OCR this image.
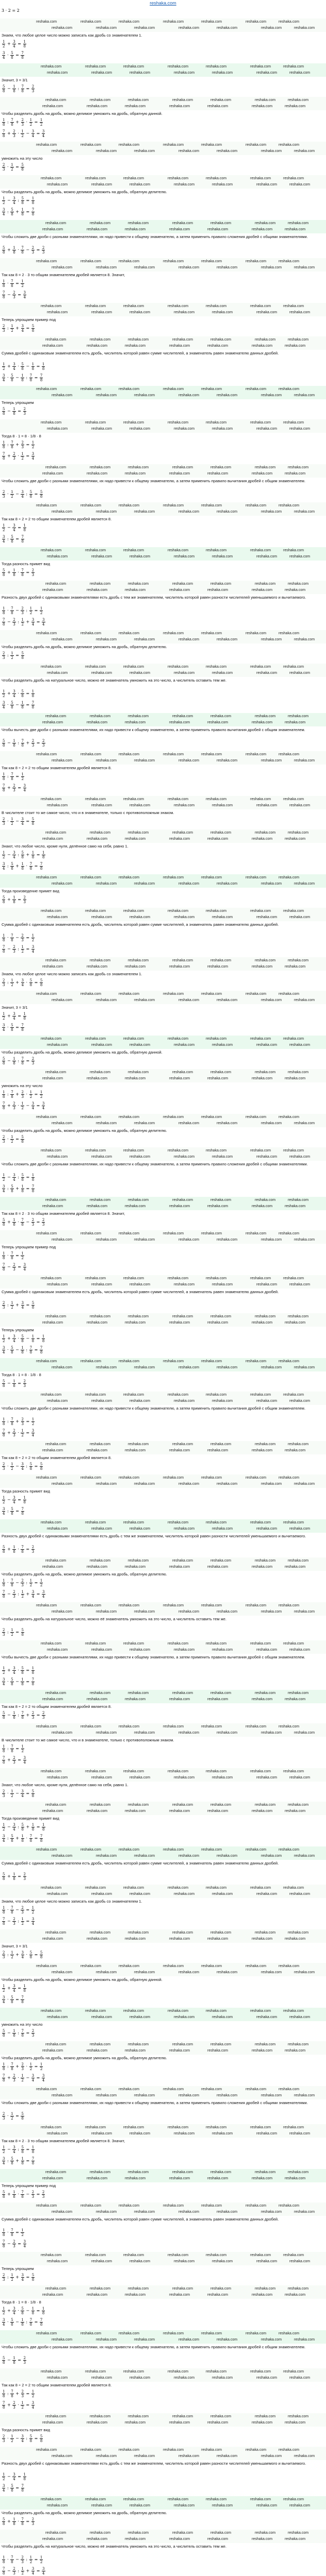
reshaka.com
3 · 2 = 2
reshaka.com	reshaka.com	reshaka.com	reshaka.com	reshaka.com	reshaka.com	reshaka.com
reshaka.com	reshaka.com	reshaka.com	reshaka.com	reshaka.com	reshaka.com	reshaka.com
Знаем, что любое целое число можно записать как дробь со знаменателем 1.
$\frac{1}{2} + \frac{3}{4} = \frac{1}{8}$
$\frac{3}{4} \cdot \frac{5}{8} = \frac{7}{8}$
reshaka.com	reshaka.com	reshaka.com	reshaka.com	reshaka.com	reshaka.com	reshaka.com
reshaka.com	reshaka.com	reshaka.com	reshaka.com	reshaka.com	reshaka.com	reshaka.com
Значит, 3 = 3/1
$\frac{5}{8} - \frac{1}{8}$ : $\frac{7}{8} = \frac{2}{3}$
reshaka.com	reshaka.com	reshaka.com	reshaka.com	reshaka.com	reshaka.com	reshaka.com
reshaka.com	reshaka.com	reshaka.com	reshaka.com	reshaka.com	reshaka.com	reshaka.com
Чтобы разделить дробь на дробь, можно делимое умножить на дробь, обратную данной.
$\frac{1}{8}$ : $\frac{7}{8} + \frac{2}{3} \cdot \frac{1}{2} = \frac{1}{2}$
$\frac{7}{8} + \frac{2}{3} \cdot \frac{1}{2} - \frac{3}{4} = \frac{3}{4}$
reshaka.com	reshaka.com	reshaka.com	reshaka.com	reshaka.com	reshaka.com	reshaka.com
reshaka.com	reshaka.com	reshaka.com	reshaka.com	reshaka.com	reshaka.com	reshaka.com
умножить на эту число
$\frac{2}{3} \cdot \frac{1}{2} = \frac{5}{8}$
reshaka.com	reshaka.com	reshaka.com	reshaka.com	reshaka.com	reshaka.com	reshaka.com
reshaka.com	reshaka.com	reshaka.com	reshaka.com	reshaka.com	reshaka.com	reshaka.com
Чтобы разделить дробь на дробь, можно делимое умножить на дробь, обратную делителю.
$\frac{1}{2} - \frac{3}{4}$ : $\frac{5}{8} = \frac{1}{8}$
$\frac{3}{4}$ : $\frac{5}{8} + \frac{1}{8} = \frac{7}{8}$
reshaka.com	reshaka.com	reshaka.com	reshaka.com	reshaka.com	reshaka.com	reshaka.com
reshaka.com	reshaka.com	reshaka.com	reshaka.com	reshaka.com	reshaka.com	reshaka.com
Чтобы сложить две дроби с разными знаменателями, их надо привести к общему знаменателю, а затем применить правило сложения дробей с общими знаменателями.
$\frac{5}{8} + \frac{1}{8} \cdot \frac{7}{8} - \frac{2}{3} = \frac{2}{3}$
reshaka.com	reshaka.com	reshaka.com	reshaka.com	reshaka.com	reshaka.com	reshaka.com
reshaka.com	reshaka.com	reshaka.com	reshaka.com	reshaka.com	reshaka.com	reshaka.com
Так как 8 = 2 · 3 то общим знаменателем дробей является 8. Значит,
$\frac{1}{8} \cdot \frac{7}{8} = \frac{1}{2}$
$\frac{7}{8} - \frac{2}{3} = \frac{3}{4}$
reshaka.com	reshaka.com	reshaka.com	reshaka.com	reshaka.com	reshaka.com	reshaka.com
reshaka.com	reshaka.com	reshaka.com	reshaka.com	reshaka.com	reshaka.com	reshaka.com
Теперь упрощаем пример под
$\frac{2}{3}$ : $\frac{1}{2} + \frac{3}{4} = \frac{5}{8}$
reshaka.com	reshaka.com	reshaka.com	reshaka.com	reshaka.com	reshaka.com	reshaka.com
reshaka.com	reshaka.com	reshaka.com	reshaka.com	reshaka.com	reshaka.com	reshaka.com
Сумма дробей с одинаковым знаменателем есть дробь, числитель которой равен сумме числителей, а знаменатель равен знаменателю данных дробей.
$\frac{1}{2} + \frac{3}{4} \cdot \frac{5}{8} - \frac{1}{8} = \frac{1}{8}$
$\frac{3}{4} \cdot \frac{5}{8} - \frac{1}{8}$ : $\frac{7}{8} = \frac{7}{8}$
reshaka.com	reshaka.com	reshaka.com	reshaka.com	reshaka.com	reshaka.com	reshaka.com
reshaka.com	reshaka.com	reshaka.com	reshaka.com	reshaka.com	reshaka.com	reshaka.com
Теперь упрощаем
$\frac{5}{8} - \frac{1}{8} = \frac{2}{3}$
reshaka.com	reshaka.com	reshaka.com	reshaka.com	reshaka.com	reshaka.com	reshaka.com
reshaka.com	reshaka.com	reshaka.com	reshaka.com	reshaka.com	reshaka.com	reshaka.com
Тогда 8 · 1 = 8 · 1/8 · 8
$\frac{1}{8}$ : $\frac{7}{8} + \frac{2}{3} = \frac{1}{2}$
$\frac{7}{8} + \frac{2}{3} \cdot \frac{1}{2} = \frac{3}{4}$
reshaka.com	reshaka.com	reshaka.com	reshaka.com	reshaka.com	reshaka.com	reshaka.com
reshaka.com	reshaka.com	reshaka.com	reshaka.com	reshaka.com	reshaka.com	reshaka.com
Чтобы сложить две дроби с разными знаменателями, их надо привести к общему знаменателю, а затем применить правило вычитания дробей с общим знаменателем.
$\frac{2}{3} \cdot \frac{1}{2} - \frac{3}{4}$ : $\frac{5}{8} = \frac{5}{8}$
reshaka.com	reshaka.com	reshaka.com	reshaka.com	reshaka.com	reshaka.com	reshaka.com
reshaka.com	reshaka.com	reshaka.com	reshaka.com	reshaka.com	reshaka.com	reshaka.com
Так как 8 ÷ 2 = 2 то общим знаменателем дробей является 8.
$\frac{1}{2} - \frac{3}{4} = \frac{1}{8}$
$\frac{3}{4}$ : $\frac{5}{8} = \frac{7}{8}$
reshaka.com	reshaka.com	reshaka.com	reshaka.com	reshaka.com	reshaka.com	reshaka.com
reshaka.com	reshaka.com	reshaka.com	reshaka.com	reshaka.com	reshaka.com	reshaka.com
Тогда разность примет вид
$\frac{5}{8} + \frac{1}{8} \cdot \frac{7}{8} = \frac{2}{3}$
reshaka.com	reshaka.com	reshaka.com	reshaka.com	reshaka.com	reshaka.com	reshaka.com
reshaka.com	reshaka.com	reshaka.com	reshaka.com	reshaka.com	reshaka.com	reshaka.com
Разность двух дробей с одинаковыми знаменателями есть дробь с тем же знаменателем, числитель которой равен разности числителей уменьшаемого и вычитаемого.
$\frac{1}{8} \cdot \frac{7}{8} - \frac{2}{3}$ : $\frac{1}{2} = \frac{1}{2}$
$\frac{7}{8} - \frac{2}{3}$ : $\frac{1}{2} + \frac{3}{4} = \frac{3}{4}$
reshaka.com	reshaka.com	reshaka.com	reshaka.com	reshaka.com	reshaka.com	reshaka.com
reshaka.com	reshaka.com	reshaka.com	reshaka.com	reshaka.com	reshaka.com	reshaka.com
Чтобы разделить дробь на дробь, можно делимое умножить на дробь, обратную делителю.
$\frac{2}{3}$ : $\frac{1}{2} = \frac{5}{8}$
reshaka.com	reshaka.com	reshaka.com	reshaka.com	reshaka.com	reshaka.com	reshaka.com
reshaka.com	reshaka.com	reshaka.com	reshaka.com	reshaka.com	reshaka.com	reshaka.com
Чтобы разделить дробь на натуральное число, можно её знаменатель умножить на это число, а числитель оставить тем же.
$\frac{1}{2} + \frac{3}{4} \cdot \frac{5}{8} = \frac{1}{8}$
$\frac{3}{4} \cdot \frac{5}{8} - \frac{1}{8} = \frac{7}{8}$
reshaka.com	reshaka.com	reshaka.com	reshaka.com	reshaka.com	reshaka.com	reshaka.com
reshaka.com	reshaka.com	reshaka.com	reshaka.com	reshaka.com	reshaka.com	reshaka.com
Чтобы вычесть две дроби с разными знаменателями, их надо привести к общему знаменателю, а затем применить правило вычитания дробей с общим знаменателем.
$\frac{5}{8} - \frac{1}{8}$ : $\frac{7}{8} + \frac{2}{3} = \frac{2}{3}$
reshaka.com	reshaka.com	reshaka.com	reshaka.com	reshaka.com	reshaka.com	reshaka.com
reshaka.com	reshaka.com	reshaka.com	reshaka.com	reshaka.com	reshaka.com	reshaka.com
Так как 8 ÷ 2 = 2 то общим знаменателем дробей является 8.
$\frac{1}{8}$ : $\frac{7}{8} = \frac{1}{2}$
$\frac{7}{8} + \frac{2}{3} = \frac{3}{4}$
reshaka.com	reshaka.com	reshaka.com	reshaka.com	reshaka.com	reshaka.com	reshaka.com
reshaka.com	reshaka.com	reshaka.com	reshaka.com	reshaka.com	reshaka.com	reshaka.com
В числителе стоит то же самое число, что и в знаменателе, только с противоположным знаком.
$\frac{2}{3} \cdot \frac{1}{2} - \frac{3}{4} = \frac{5}{8}$
reshaka.com	reshaka.com	reshaka.com	reshaka.com	reshaka.com	reshaka.com	reshaka.com
reshaka.com	reshaka.com	reshaka.com	reshaka.com	reshaka.com	reshaka.com	reshaka.com
Знают, что любое число, кроме нуля, делённое само на себя, равно 1.
$\frac{1}{2} - \frac{3}{4}$ : $\frac{5}{8} + \frac{1}{8} = \frac{1}{8}$
$\frac{3}{4}$ : $\frac{5}{8} + \frac{1}{8} \cdot \frac{7}{8} = \frac{7}{8}$
reshaka.com	reshaka.com	reshaka.com	reshaka.com	reshaka.com	reshaka.com	reshaka.com
reshaka.com	reshaka.com	reshaka.com	reshaka.com	reshaka.com	reshaka.com	reshaka.com
Тогда произведение примет вид
$\frac{5}{8} + \frac{1}{8} = \frac{2}{3}$
reshaka.com	reshaka.com	reshaka.com	reshaka.com	reshaka.com	reshaka.com	reshaka.com
reshaka.com	reshaka.com	reshaka.com	reshaka.com	reshaka.com	reshaka.com	reshaka.com
Сумма дробей с одинаковым знаменателем есть дробь, числитель которой равен сумме числителей, а знаменатель равен знаменателю данных дробей.
$\frac{1}{8} \cdot \frac{7}{8} - \frac{2}{3} = \frac{1}{2}$
$\frac{7}{8} - \frac{2}{3}$ : $\frac{1}{2} = \frac{3}{4}$
reshaka.com	reshaka.com	reshaka.com	reshaka.com	reshaka.com	reshaka.com	reshaka.com
reshaka.com	reshaka.com	reshaka.com	reshaka.com	reshaka.com	reshaka.com	reshaka.com
Знаем, что любое целое число можно записать как дробь со знаменателем 1.
$\frac{2}{3}$ : $\frac{1}{2} + \frac{3}{4} \cdot \frac{5}{8} = \frac{5}{8}$
reshaka.com	reshaka.com	reshaka.com	reshaka.com	reshaka.com	reshaka.com	reshaka.com
reshaka.com	reshaka.com	reshaka.com	reshaka.com	reshaka.com	reshaka.com	reshaka.com
Значит, 3 = 3/1
$\frac{1}{2} + \frac{3}{4} = \frac{1}{8}$
$\frac{3}{4} \cdot \frac{5}{8} = \frac{7}{8}$
reshaka.com	reshaka.com	reshaka.com	reshaka.com	reshaka.com	reshaka.com	reshaka.com
reshaka.com	reshaka.com	reshaka.com	reshaka.com	reshaka.com	reshaka.com	reshaka.com
Чтобы разделить дробь на дробь, можно делимое умножить на дробь, обратную данной.
$\frac{5}{8} - \frac{1}{8}$ : $\frac{7}{8} = \frac{2}{3}$
reshaka.com	reshaka.com	reshaka.com	reshaka.com	reshaka.com	reshaka.com	reshaka.com
reshaka.com	reshaka.com	reshaka.com	reshaka.com	reshaka.com	reshaka.com	reshaka.com
умножить на эту число
$\frac{1}{8}$ : $\frac{7}{8} + \frac{2}{3} \cdot \frac{1}{2} = \frac{1}{2}$
$\frac{7}{8} + \frac{2}{3} \cdot \frac{1}{2} - \frac{3}{4} = \frac{3}{4}$
reshaka.com	reshaka.com	reshaka.com	reshaka.com	reshaka.com	reshaka.com	reshaka.com
reshaka.com	reshaka.com	reshaka.com	reshaka.com	reshaka.com	reshaka.com	reshaka.com
Чтобы разделить дробь на дробь, можно делимое умножить на дробь, обратную делителю.
$\frac{2}{3} \cdot \frac{1}{2} = \frac{5}{8}$
reshaka.com	reshaka.com	reshaka.com	reshaka.com	reshaka.com	reshaka.com	reshaka.com
reshaka.com	reshaka.com	reshaka.com	reshaka.com	reshaka.com	reshaka.com	reshaka.com
Чтобы сложить две дроби с разными знаменателями, их надо привести к общему знаменателю, а затем применить правило сложения дробей с общими знаменателями.
$\frac{1}{2} - \frac{3}{4}$ : $\frac{5}{8} = \frac{1}{8}$
$\frac{3}{4}$ : $\frac{5}{8} + \frac{1}{8} = \frac{7}{8}$
reshaka.com	reshaka.com	reshaka.com	reshaka.com	reshaka.com	reshaka.com	reshaka.com
reshaka.com	reshaka.com	reshaka.com	reshaka.com	reshaka.com	reshaka.com	reshaka.com
Так как 8 = 2 · 3 то общим знаменателем дробей является 8. Значит,
$\frac{5}{8} + \frac{1}{8} \cdot \frac{7}{8} - \frac{2}{3} = \frac{2}{3}$
reshaka.com	reshaka.com	reshaka.com	reshaka.com	reshaka.com	reshaka.com	reshaka.com
reshaka.com	reshaka.com	reshaka.com	reshaka.com	reshaka.com	reshaka.com	reshaka.com
Теперь упрощаем пример под
$\frac{1}{8} \cdot \frac{7}{8} = \frac{1}{2}$
$\frac{7}{8} - \frac{2}{3} = \frac{3}{4}$
reshaka.com	reshaka.com	reshaka.com	reshaka.com	reshaka.com	reshaka.com	reshaka.com
reshaka.com	reshaka.com	reshaka.com	reshaka.com	reshaka.com	reshaka.com	reshaka.com
Сумма дробей с одинаковым знаменателем есть дробь, числитель которой равен сумме числителей, а знаменатель равен знаменателю данных дробей.
$\frac{2}{3}$ : $\frac{1}{2} + \frac{3}{4} = \frac{5}{8}$
reshaka.com	reshaka.com	reshaka.com	reshaka.com	reshaka.com	reshaka.com	reshaka.com
reshaka.com	reshaka.com	reshaka.com	reshaka.com	reshaka.com	reshaka.com	reshaka.com
Теперь упрощаем
$\frac{1}{2} + \frac{3}{4} \cdot \frac{5}{8} - \frac{1}{8} = \frac{1}{8}$
$\frac{3}{4} \cdot \frac{5}{8} - \frac{1}{8}$ : $\frac{7}{8} = \frac{7}{8}$
reshaka.com	reshaka.com	reshaka.com	reshaka.com	reshaka.com	reshaka.com	reshaka.com
reshaka.com	reshaka.com	reshaka.com	reshaka.com	reshaka.com	reshaka.com	reshaka.com
Тогда 8 · 1 = 8 · 1/8 · 8
$\frac{5}{8} - \frac{1}{8} = \frac{2}{3}$
reshaka.com	reshaka.com	reshaka.com	reshaka.com	reshaka.com	reshaka.com	reshaka.com
reshaka.com	reshaka.com	reshaka.com	reshaka.com	reshaka.com	reshaka.com	reshaka.com
Чтобы сложить две дроби с разными знаменателями, их надо привести к общему знаменателю, а затем применить правило вычитания дробей с общим знаменателем.
$\frac{1}{8}$ : $\frac{7}{8} + \frac{2}{3} = \frac{1}{2}$
$\frac{7}{8} + \frac{2}{3} \cdot \frac{1}{2} = \frac{3}{4}$
reshaka.com	reshaka.com	reshaka.com	reshaka.com	reshaka.com	reshaka.com	reshaka.com
reshaka.com	reshaka.com	reshaka.com	reshaka.com	reshaka.com	reshaka.com	reshaka.com
Так как 8 ÷ 2 = 2 то общим знаменателем дробей является 8.
$\frac{2}{3} \cdot \frac{1}{2} - \frac{3}{4}$ : $\frac{5}{8} = \frac{5}{8}$
reshaka.com	reshaka.com	reshaka.com	reshaka.com	reshaka.com	reshaka.com	reshaka.com
reshaka.com	reshaka.com	reshaka.com	reshaka.com	reshaka.com	reshaka.com	reshaka.com
Тогда разность примет вид
$\frac{1}{2} - \frac{3}{4} = \frac{1}{8}$
$\frac{3}{4}$ : $\frac{5}{8} = \frac{7}{8}$
reshaka.com	reshaka.com	reshaka.com	reshaka.com	reshaka.com	reshaka.com	reshaka.com
reshaka.com	reshaka.com	reshaka.com	reshaka.com	reshaka.com	reshaka.com	reshaka.com
Разность двух дробей с одинаковыми знаменателями есть дробь с тем же знаменателем, числитель которой равен разности числителей уменьшаемого и вычитаемого.
$\frac{5}{8} + \frac{1}{8} \cdot \frac{7}{8} = \frac{2}{3}$
reshaka.com	reshaka.com	reshaka.com	reshaka.com	reshaka.com	reshaka.com	reshaka.com
reshaka.com	reshaka.com	reshaka.com	reshaka.com	reshaka.com	reshaka.com	reshaka.com
Чтобы разделить дробь на дробь, можно делимое умножить на дробь, обратную делителю.
$\frac{1}{8} \cdot \frac{7}{8} - \frac{2}{3}$ : $\frac{1}{2} = \frac{1}{2}$
$\frac{7}{8} - \frac{2}{3}$ : $\frac{1}{2} + \frac{3}{4} = \frac{3}{4}$
reshaka.com	reshaka.com	reshaka.com	reshaka.com	reshaka.com	reshaka.com	reshaka.com
reshaka.com	reshaka.com	reshaka.com	reshaka.com	reshaka.com	reshaka.com	reshaka.com
Чтобы разделить дробь на натуральное число, можно её знаменатель умножить на это число, а числитель оставить тем же.
$\frac{2}{3}$ : $\frac{1}{2} = \frac{5}{8}$
reshaka.com	reshaka.com	reshaka.com	reshaka.com	reshaka.com	reshaka.com	reshaka.com
reshaka.com	reshaka.com	reshaka.com	reshaka.com	reshaka.com	reshaka.com	reshaka.com
Чтобы вычесть две дроби с разными знаменателями, их надо привести к общему знаменателю, а затем применить правило вычитания дробей с общим знаменателем.
$\frac{1}{2} + \frac{3}{4} \cdot \frac{5}{8} = \frac{1}{8}$
$\frac{3}{4} \cdot \frac{5}{8} - \frac{1}{8} = \frac{7}{8}$
reshaka.com	reshaka.com	reshaka.com	reshaka.com	reshaka.com	reshaka.com	reshaka.com
reshaka.com	reshaka.com	reshaka.com	reshaka.com	reshaka.com	reshaka.com	reshaka.com
Так как 8 ÷ 2 = 2 то общим знаменателем дробей является 8.
$\frac{5}{8} - \frac{1}{8}$ : $\frac{7}{8} + \frac{2}{3} = \frac{2}{3}$
reshaka.com	reshaka.com	reshaka.com	reshaka.com	reshaka.com	reshaka.com	reshaka.com
reshaka.com	reshaka.com	reshaka.com	reshaka.com	reshaka.com	reshaka.com	reshaka.com
В числителе стоит то же самое число, что и в знаменателе, только с противоположным знаком.
$\frac{1}{8}$ : $\frac{7}{8} = \frac{1}{2}$
$\frac{7}{8} + \frac{2}{3} = \frac{3}{4}$
reshaka.com	reshaka.com	reshaka.com	reshaka.com	reshaka.com	reshaka.com	reshaka.com
reshaka.com	reshaka.com	reshaka.com	reshaka.com	reshaka.com	reshaka.com	reshaka.com
Знают, что любое число, кроме нуля, делённое само на себя, равно 1.
$\frac{2}{3} \cdot \frac{1}{2} - \frac{3}{4} = \frac{5}{8}$
reshaka.com	reshaka.com	reshaka.com	reshaka.com	reshaka.com	reshaka.com	reshaka.com
reshaka.com	reshaka.com	reshaka.com	reshaka.com	reshaka.com	reshaka.com	reshaka.com
Тогда произведение примет вид
$\frac{1}{2} - \frac{3}{4}$ : $\frac{5}{8} + \frac{1}{8} = \frac{1}{8}$
$\frac{3}{4}$ : $\frac{5}{8} + \frac{1}{8} \cdot \frac{7}{8} = \frac{7}{8}$
reshaka.com	reshaka.com	reshaka.com	reshaka.com	reshaka.com	reshaka.com	reshaka.com
reshaka.com	reshaka.com	reshaka.com	reshaka.com	reshaka.com	reshaka.com	reshaka.com
Сумма дробей с одинаковым знаменателем есть дробь, числитель которой равен сумме числителей, а знаменатель равен знаменателю данных дробей.
$\frac{5}{8} + \frac{1}{8} = \frac{2}{3}$
reshaka.com	reshaka.com	reshaka.com	reshaka.com	reshaka.com	reshaka.com	reshaka.com
reshaka.com	reshaka.com	reshaka.com	reshaka.com	reshaka.com	reshaka.com	reshaka.com
Знаем, что любое целое число можно записать как дробь со знаменателем 1.
$\frac{1}{8} \cdot \frac{7}{8} - \frac{2}{3} = \frac{1}{2}$
$\frac{7}{8} - \frac{2}{3}$ : $\frac{1}{2} = \frac{3}{4}$
reshaka.com	reshaka.com	reshaka.com	reshaka.com	reshaka.com	reshaka.com	reshaka.com
reshaka.com	reshaka.com	reshaka.com	reshaka.com	reshaka.com	reshaka.com	reshaka.com
Значит, 3 = 3/1
$\frac{2}{3}$ : $\frac{1}{2} + \frac{3}{4} \cdot \frac{5}{8} = \frac{5}{8}$
reshaka.com	reshaka.com	reshaka.com	reshaka.com	reshaka.com	reshaka.com	reshaka.com
reshaka.com	reshaka.com	reshaka.com	reshaka.com	reshaka.com	reshaka.com	reshaka.com
Чтобы разделить дробь на дробь, можно делимое умножить на дробь, обратную данной.
$\frac{1}{2} + \frac{3}{4} = \frac{1}{8}$
$\frac{3}{4} \cdot \frac{5}{8} = \frac{7}{8}$
reshaka.com	reshaka.com	reshaka.com	reshaka.com	reshaka.com	reshaka.com	reshaka.com
reshaka.com	reshaka.com	reshaka.com	reshaka.com	reshaka.com	reshaka.com	reshaka.com
умножить на эту число
$\frac{5}{8} - \frac{1}{8}$ : $\frac{7}{8} = \frac{2}{3}$
reshaka.com	reshaka.com	reshaka.com	reshaka.com	reshaka.com	reshaka.com	reshaka.com
reshaka.com	reshaka.com	reshaka.com	reshaka.com	reshaka.com	reshaka.com	reshaka.com
Чтобы разделить дробь на дробь, можно делимое умножить на дробь, обратную делителю.
$\frac{1}{8}$ : $\frac{7}{8} + \frac{2}{3} \cdot \frac{1}{2} = \frac{1}{2}$
$\frac{7}{8} + \frac{2}{3} \cdot \frac{1}{2} - \frac{3}{4} = \frac{3}{4}$
reshaka.com	reshaka.com	reshaka.com	reshaka.com	reshaka.com	reshaka.com	reshaka.com
reshaka.com	reshaka.com	reshaka.com	reshaka.com	reshaka.com	reshaka.com	reshaka.com
Чтобы сложить две дроби с разными знаменателями, их надо привести к общему знаменателю, а затем применить правило сложения дробей с общими знаменателями.
$\frac{2}{3} \cdot \frac{1}{2} = \frac{5}{8}$
reshaka.com	reshaka.com	reshaka.com	reshaka.com	reshaka.com	reshaka.com	reshaka.com
reshaka.com	reshaka.com	reshaka.com	reshaka.com	reshaka.com	reshaka.com	reshaka.com
Так как 8 = 2 · 3 то общим знаменателем дробей является 8. Значит,
$\frac{1}{2} - \frac{3}{4}$ : $\frac{5}{8} = \frac{1}{8}$
$\frac{3}{4}$ : $\frac{5}{8} + \frac{1}{8} = \frac{7}{8}$
reshaka.com	reshaka.com	reshaka.com	reshaka.com	reshaka.com	reshaka.com	reshaka.com
reshaka.com	reshaka.com	reshaka.com	reshaka.com	reshaka.com	reshaka.com	reshaka.com
Теперь упрощаем пример под
$\frac{5}{8} + \frac{1}{8} \cdot \frac{7}{8} - \frac{2}{3} = \frac{2}{3}$
reshaka.com	reshaka.com	reshaka.com	reshaka.com	reshaka.com	reshaka.com	reshaka.com
reshaka.com	reshaka.com	reshaka.com	reshaka.com	reshaka.com	reshaka.com	reshaka.com
Сумма дробей с одинаковым знаменателем есть дробь, числитель которой равен сумме числителей, а знаменатель равен знаменателю данных дробей.
$\frac{1}{8} \cdot \frac{7}{8} = \frac{1}{2}$
$\frac{7}{8} - \frac{2}{3} = \frac{3}{4}$
reshaka.com	reshaka.com	reshaka.com	reshaka.com	reshaka.com	reshaka.com	reshaka.com
reshaka.com	reshaka.com	reshaka.com	reshaka.com	reshaka.com	reshaka.com	reshaka.com
Теперь упрощаем
$\frac{2}{3}$ : $\frac{1}{2} + \frac{3}{4} = \frac{5}{8}$
reshaka.com	reshaka.com	reshaka.com	reshaka.com	reshaka.com	reshaka.com	reshaka.com
reshaka.com	reshaka.com	reshaka.com	reshaka.com	reshaka.com	reshaka.com	reshaka.com
Тогда 8 · 1 = 8 · 1/8 · 8
$\frac{1}{2} + \frac{3}{4} \cdot \frac{5}{8} - \frac{1}{8} = \frac{1}{8}$
$\frac{3}{4} \cdot \frac{5}{8} - \frac{1}{8}$ : $\frac{7}{8} = \frac{7}{8}$
reshaka.com	reshaka.com	reshaka.com	reshaka.com	reshaka.com	reshaka.com	reshaka.com
reshaka.com	reshaka.com	reshaka.com	reshaka.com	reshaka.com	reshaka.com	reshaka.com
Чтобы сложить две дроби с разными знаменателями, их надо привести к общему знаменателю, а затем применить правило вычитания дробей с общим знаменателем.
$\frac{5}{8} - \frac{1}{8} = \frac{2}{3}$
reshaka.com	reshaka.com	reshaka.com	reshaka.com	reshaka.com	reshaka.com	reshaka.com
reshaka.com	reshaka.com	reshaka.com	reshaka.com	reshaka.com	reshaka.com	reshaka.com
Так как 8 ÷ 2 = 2 то общим знаменателем дробей является 8.
$\frac{1}{8}$ : $\frac{7}{8} + \frac{2}{3} = \frac{1}{2}$
$\frac{7}{8} + \frac{2}{3} \cdot \frac{1}{2} = \frac{3}{4}$
reshaka.com	reshaka.com	reshaka.com	reshaka.com	reshaka.com	reshaka.com	reshaka.com
reshaka.com	reshaka.com	reshaka.com	reshaka.com	reshaka.com	reshaka.com	reshaka.com
Тогда разность примет вид
$\frac{2}{3} \cdot \frac{1}{2} - \frac{3}{4}$ : $\frac{5}{8} = \frac{5}{8}$
reshaka.com	reshaka.com	reshaka.com	reshaka.com	reshaka.com	reshaka.com	reshaka.com
reshaka.com	reshaka.com	reshaka.com	reshaka.com	reshaka.com	reshaka.com	reshaka.com
Разность двух дробей с одинаковыми знаменателями есть дробь с тем же знаменателем, числитель которой равен разности числителей уменьшаемого и вычитаемого.
$\frac{1}{2} - \frac{3}{4} = \frac{1}{8}$
$\frac{3}{4}$ : $\frac{5}{8} = \frac{7}{8}$
reshaka.com	reshaka.com	reshaka.com	reshaka.com	reshaka.com	reshaka.com	reshaka.com
reshaka.com	reshaka.com	reshaka.com	reshaka.com	reshaka.com	reshaka.com	reshaka.com
Чтобы разделить дробь на дробь, можно делимое умножить на дробь, обратную делителю.
$\frac{5}{8} + \frac{1}{8} \cdot \frac{7}{8} = \frac{2}{3}$
reshaka.com	reshaka.com	reshaka.com	reshaka.com	reshaka.com	reshaka.com	reshaka.com
reshaka.com	reshaka.com	reshaka.com	reshaka.com	reshaka.com	reshaka.com	reshaka.com
Чтобы разделить дробь на натуральное число, можно её знаменатель умножить на это число, а числитель оставить тем же.
$\frac{1}{8} \cdot \frac{7}{8} - \frac{2}{3}$ : $\frac{1}{2} = \frac{1}{2}$
$\frac{7}{8} - \frac{2}{3}$ : $\frac{1}{2} + \frac{3}{4} = \frac{3}{4}$
